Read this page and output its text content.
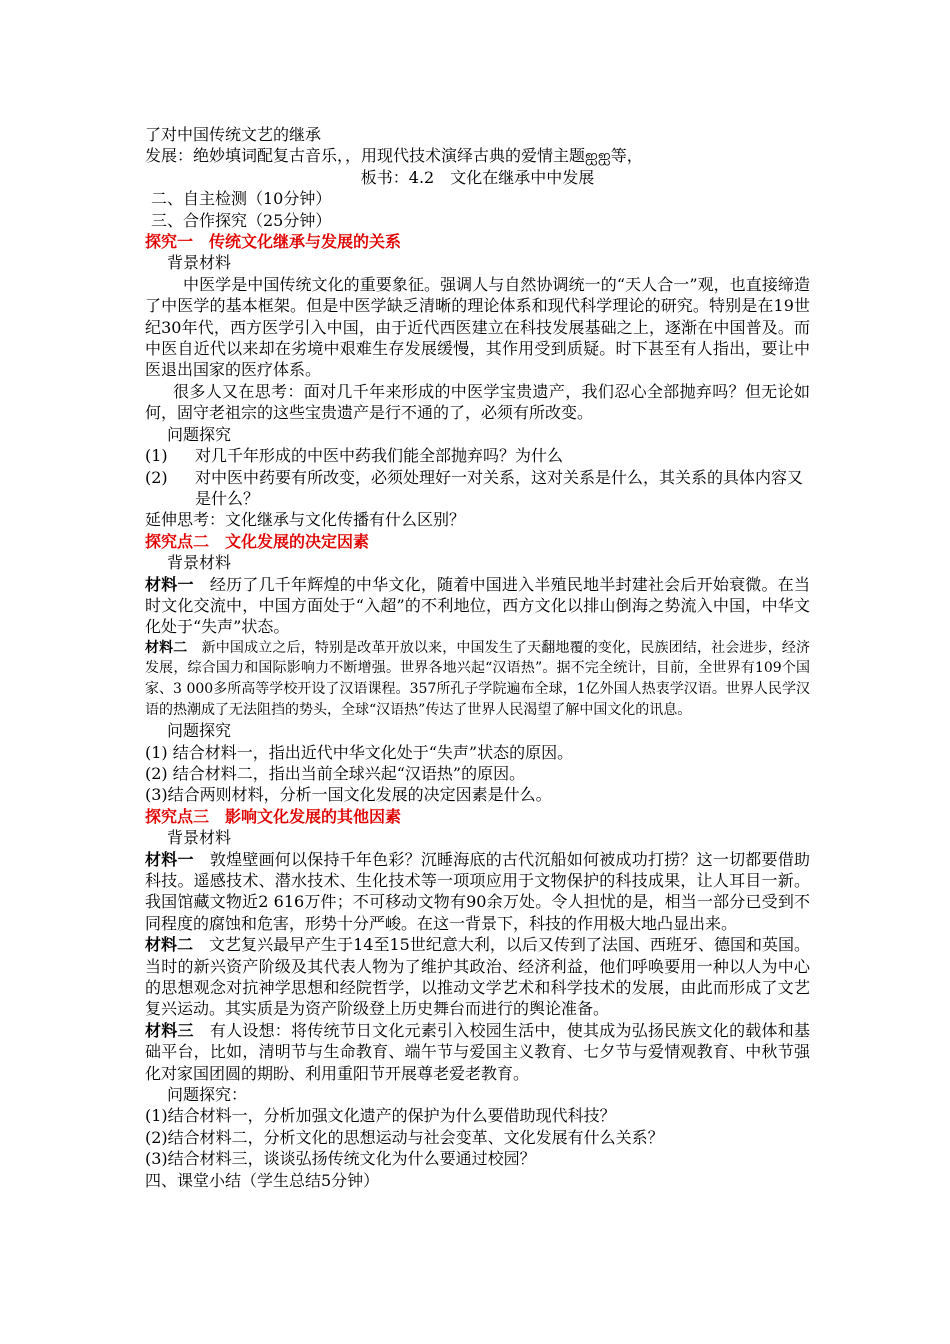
了对中国传统文艺的继承
发展：绝妙填词配复古音乐，，用现代技术演绎古典的爱情主题ஐஐ等，
板书：4.2　文化在继承中中发展
二、自主检测（10分钟）
三、合作探究（25分钟）
探究一　传统文化继承与发展的关系
背景材料
中医学是中国传统文化的重要象征。强调人与自然协调统一的“天人合一”观，也直接缔造了中医学的基本框架。但是中医学缺乏清晰的理论体系和现代科学理论的研究。特别是在19世纪30年代，西方医学引入中国，由于近代西医建立在科技发展基础之上，逐渐在中国普及。而中医自近代以来却在劣境中艰难生存发展缓慢，其作用受到质疑。时下甚至有人指出，要让中医退出国家的医疗体系。
很多人又在思考：面对几千年来形成的中医学宝贵遗产，我们忍心全部抛弃吗？但无论如何，固守老祖宗的这些宝贵遗产是行不通的了，必须有所改变。
问题探究
(1)	对几千年形成的中医中药我们能全部抛弃吗？为什么
(2)	对中医中药要有所改变，必须处理好一对关系，这对关系是什么，其关系的具体内容又是什么？
延伸思考：文化继承与文化传播有什么区别？
探究点二　文化发展的决定因素
背景材料
材料一　 经历了几千年辉煌的中华文化，随着中国进入半殖民地半封建社会后开始衰微。在当时文化交流中，中国方面处于“入超”的不利地位，西方文化以排山倒海之势流入中国，中华文化处于“失声”状态。
材料二　 新中国成立之后，特别是改革开放以来，中国发生了天翻地覆的变化，民族团结，社会进步，经济发展，综合国力和国际影响力不断增强。世界各地兴起“汉语热”。据不完全统计，目前，全世界有109个国家、3 000多所高等学校开设了汉语课程。357所孔子学院遍布全球，1亿外国人热衷学汉语。世界人民学汉语的热潮成了无法阻挡的势头，全球“汉语热”传达了世界人民渴望了解中国文化的讯息。
问题探究
(1) 结合材料一，指出近代中华文化处于“失声”状态的原因。
(2) 结合材料二，指出当前全球兴起“汉语热”的原因。
(3)结合两则材料，分析一国文化发展的决定因素是什么。
探究点三　影响文化发展的其他因素
背景材料
材料一　 敦煌壁画何以保持千年色彩？沉睡海底的古代沉船如何被成功打捞？这一切都要借助科技。遥感技术、潜水技术、生化技术等一项项应用于文物保护的科技成果，让人耳目一新。我国馆藏文物近2 616万件；不可移动文物有90余万处。令人担忧的是，相当一部分已受到不同程度的腐蚀和危害，形势十分严峻。在这一背景下，科技的作用极大地凸显出来。
材料二　 文艺复兴最早产生于14至15世纪意大利，以后又传到了法国、西班牙、德国和英国。当时的新兴资产阶级及其代表人物为了维护其政治、经济利益，他们呼唤要用一种以人为中心的思想观念对抗神学思想和经院哲学，以推动文学艺术和科学技术的发展，由此而形成了文艺复兴运动。其实质是为资产阶级登上历史舞台而进行的舆论准备。
材料三　 有人设想：将传统节日文化元素引入校园生活中，使其成为弘扬民族文化的载体和基础平台，比如，清明节与生命教育、端午节与爱国主义教育、七夕节与爱情观教育、中秋节强化对家国团圆的期盼、利用重阳节开展尊老爱老教育。
问题探究：
(1)结合材料一，分析加强文化遗产的保护为什么要借助现代科技？
(2)结合材料二，分析文化的思想运动与社会变革、文化发展有什么关系？
(3)结合材料三，谈谈弘扬传统文化为什么要通过校园？
四、课堂小结（学生总结5分钟）
